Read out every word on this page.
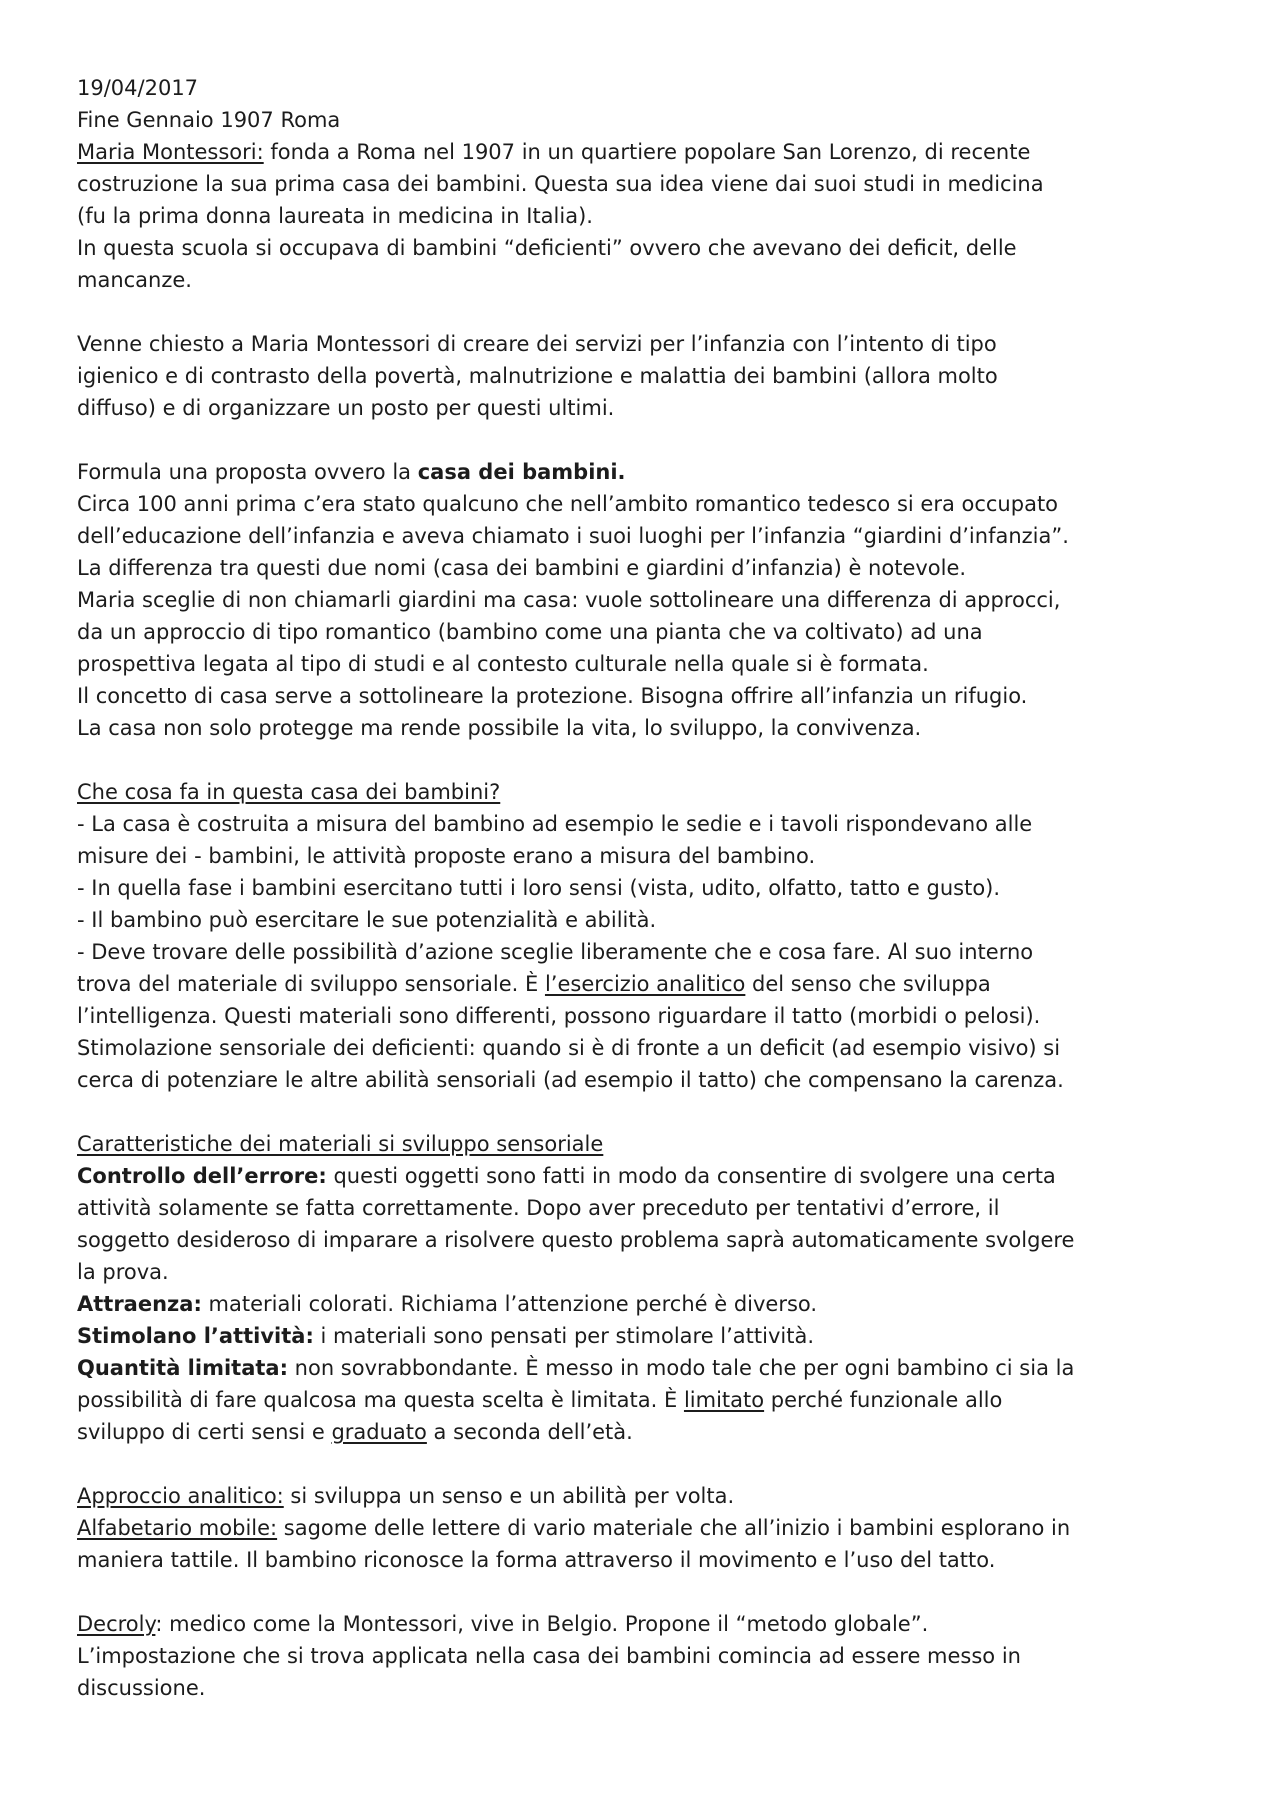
19/04/2017
Fine Gennaio 1907 Roma
Maria Montessori: fonda a Roma nel 1907 in un quartiere popolare San Lorenzo, di recente
costruzione la sua prima casa dei bambini. Questa sua idea viene dai suoi studi in medicina
(fu la prima donna laureata in medicina in Italia).
In questa scuola si occupava di bambini “deficienti” ovvero che avevano dei deficit, delle
mancanze.
Venne chiesto a Maria Montessori di creare dei servizi per l’infanzia con l’intento di tipo
igienico e di contrasto della povertà, malnutrizione e malattia dei bambini (allora molto
diffuso) e di organizzare un posto per questi ultimi.
Formula una proposta ovvero la casa dei bambini.
Circa 100 anni prima c’era stato qualcuno che nell’ambito romantico tedesco si era occupato
dell’educazione dell’infanzia e aveva chiamato i suoi luoghi per l’infanzia “giardini d’infanzia”.
La differenza tra questi due nomi (casa dei bambini e giardini d’infanzia) è notevole.
Maria sceglie di non chiamarli giardini ma casa: vuole sottolineare una differenza di approcci,
da un approccio di tipo romantico (bambino come una pianta che va coltivato) ad una
prospettiva legata al tipo di studi e al contesto culturale nella quale si è formata.
Il concetto di casa serve a sottolineare la protezione. Bisogna offrire all’infanzia un rifugio.
La casa non solo protegge ma rende possibile la vita, lo sviluppo, la convivenza.
Che cosa fa in questa casa dei bambini?
- La casa è costruita a misura del bambino ad esempio le sedie e i tavoli rispondevano alle
misure dei - bambini, le attività proposte erano a misura del bambino.
- In quella fase i bambini esercitano tutti i loro sensi (vista, udito, olfatto, tatto e gusto).
- Il bambino può esercitare le sue potenzialità e abilità.
- Deve trovare delle possibilità d’azione sceglie liberamente che e cosa fare. Al suo interno
trova del materiale di sviluppo sensoriale. È l’esercizio analitico del senso che sviluppa
l’intelligenza. Questi materiali sono differenti, possono riguardare il tatto (morbidi o pelosi).
Stimolazione sensoriale dei deficienti: quando si è di fronte a un deficit (ad esempio visivo) si
cerca di potenziare le altre abilità sensoriali (ad esempio il tatto) che compensano la carenza.
Caratteristiche dei materiali si sviluppo sensoriale
Controllo dell’errore: questi oggetti sono fatti in modo da consentire di svolgere una certa
attività solamente se fatta correttamente. Dopo aver preceduto per tentativi d’errore, il
soggetto desideroso di imparare a risolvere questo problema saprà automaticamente svolgere
la prova.
Attraenza: materiali colorati. Richiama l’attenzione perché è diverso.
Stimolano l’attività: i materiali sono pensati per stimolare l’attività.
Quantità limitata: non sovrabbondante. È messo in modo tale che per ogni bambino ci sia la
possibilità di fare qualcosa ma questa scelta è limitata. È limitato perché funzionale allo
sviluppo di certi sensi e graduato a seconda dell’età.
Approccio analitico: si sviluppa un senso e un abilità per volta.
Alfabetario mobile: sagome delle lettere di vario materiale che all’inizio i bambini esplorano in
maniera tattile. Il bambino riconosce la forma attraverso il movimento e l’uso del tatto.
Decroly: medico come la Montessori, vive in Belgio. Propone il “metodo globale”.
L’impostazione che si trova applicata nella casa dei bambini comincia ad essere messo in
discussione.
